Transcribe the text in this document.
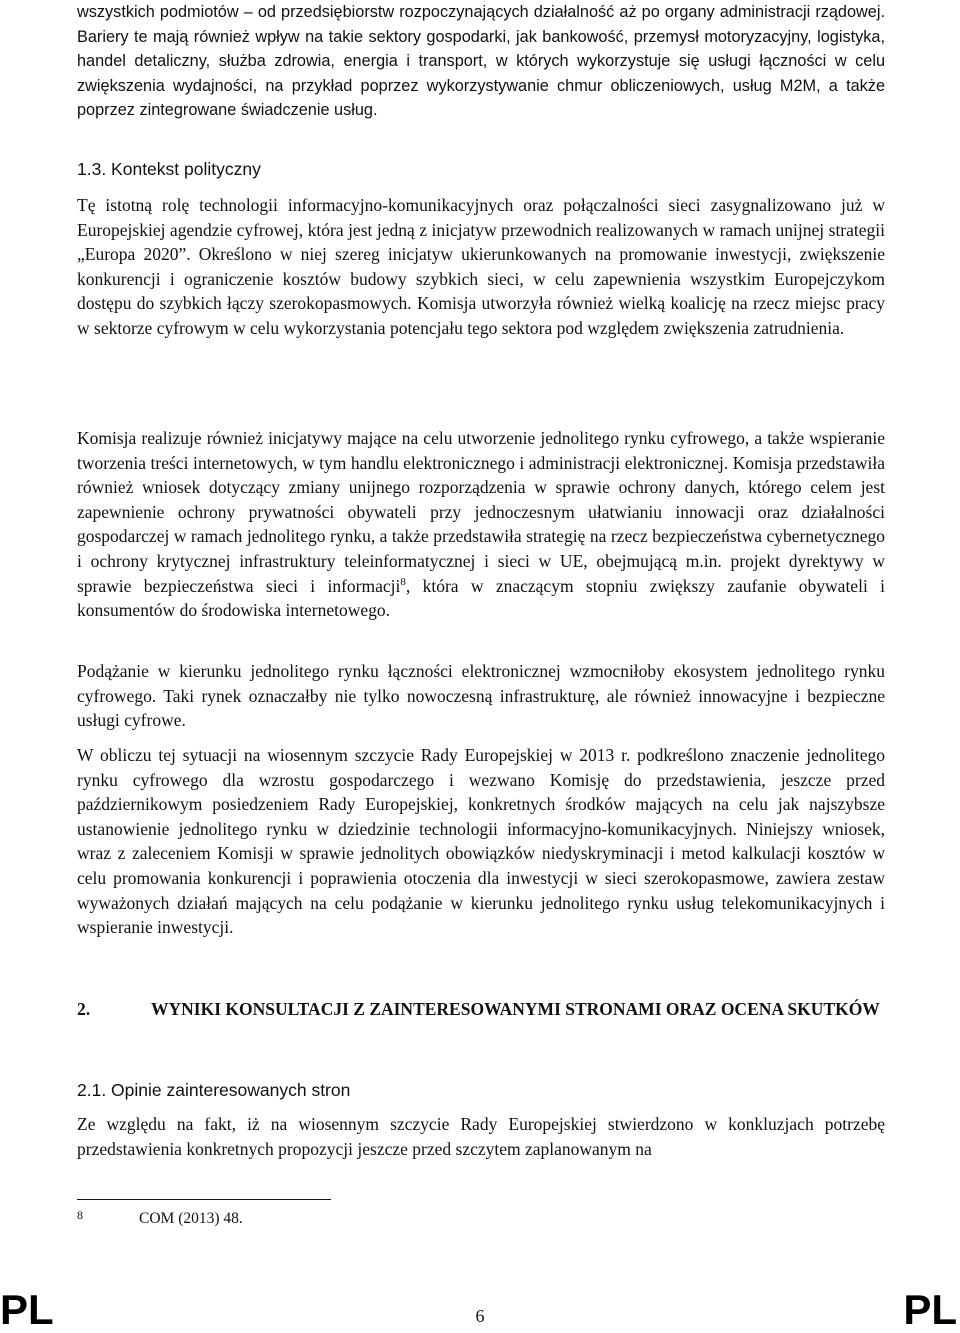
wszystkich podmiotów – od przedsiębiorstw rozpoczynających działalność aż po organy administracji rządowej. Bariery te mają również wpływ na takie sektory gospodarki, jak bankowość, przemysł motoryzacyjny, logistyka, handel detaliczny, służba zdrowia, energia i transport, w których wykorzystuje się usługi łączności w celu zwiększenia wydajności, na przykład poprzez wykorzystywanie chmur obliczeniowych, usług M2M, a także poprzez zintegrowane świadczenie usług.

1.3. Kontekst polityczny

Tę istotną rolę technologii informacyjno-komunikacyjnych oraz połączalności sieci zasygnalizowano już w Europejskiej agendzie cyfrowej, która jest jedną z inicjatyw przewodnich realizowanych w ramach unijnej strategii „Europa 2020”. Określono w niej szereg inicjatyw ukierunkowanych na promowanie inwestycji, zwiększenie konkurencji i ograniczenie kosztów budowy szybkich sieci, w celu zapewnienia wszystkim Europejczykom dostępu do szybkich łączy szerokopasmowych. Komisja utworzyła również wielką koalicję na rzecz miejsc pracy w sektorze cyfrowym w celu wykorzystania potencjału tego sektora pod względem zwiększenia zatrudnienia.

Komisja realizuje również inicjatywy mające na celu utworzenie jednolitego rynku cyfrowego, a także wspieranie tworzenia treści internetowych, w tym handlu elektronicznego i administracji elektronicznej. Komisja przedstawiła również wniosek dotyczący zmiany unijnego rozporządzenia w sprawie ochrony danych, którego celem jest zapewnienie ochrony prywatności obywateli przy jednoczesnym ułatwianiu innowacji oraz działalności gospodarczej w ramach jednolitego rynku, a także przedstawiła strategię na rzecz bezpieczeństwa cybernetycznego i ochrony krytycznej infrastruktury teleinformatycznej i sieci w UE, obejmującą m.in. projekt dyrektywy w sprawie bezpieczeństwa sieci i informacji$^8$, która w znaczącym stopniu zwiększy zaufanie obywateli i konsumentów do środowiska internetowego.

Podążanie w kierunku jednolitego rynku łączności elektronicznej wzmocniłoby ekosystem jednolitego rynku cyfrowego. Taki rynek oznaczałby nie tylko nowoczesną infrastrukturę, ale również innowacyjne i bezpieczne usługi cyfrowe.

W obliczu tej sytuacji na wiosennym szczycie Rady Europejskiej w 2013 r. podkreślono znaczenie jednolitego rynku cyfrowego dla wzrostu gospodarczego i wezwano Komisję do przedstawienia, jeszcze przed październikowym posiedzeniem Rady Europejskiej, konkretnych środków mających na celu jak najszybsze ustanowienie jednolitego rynku w dziedzinie technologii informacyjno-komunikacyjnych. Niniejszy wniosek, wraz z zaleceniem Komisji w sprawie jednolitych obowiązków niedyskryminacji i metod kalkulacji kosztów w celu promowania konkurencji i poprawienia otoczenia dla inwestycji w sieci szerokopasmowe, zawiera zestaw wyważonych działań mających na celu podążanie w kierunku jednolitego rynku usług telekomunikacyjnych i wspieranie inwestycji.

2.	WYNIKI KONSULTACJI Z ZAINTERESOWANYMI STRONAMI ORAZ OCENA SKUTKÓW
2.1. Opinie zainteresowanych stron

Ze względu na fakt, iż na wiosennym szczycie Rady Europejskiej stwierdzono w konkluzjach potrzebę przedstawienia konkretnych propozycji jeszcze przed szczytem zaplanowanym na

8	COM (2013) 48.
PL	6	PL
